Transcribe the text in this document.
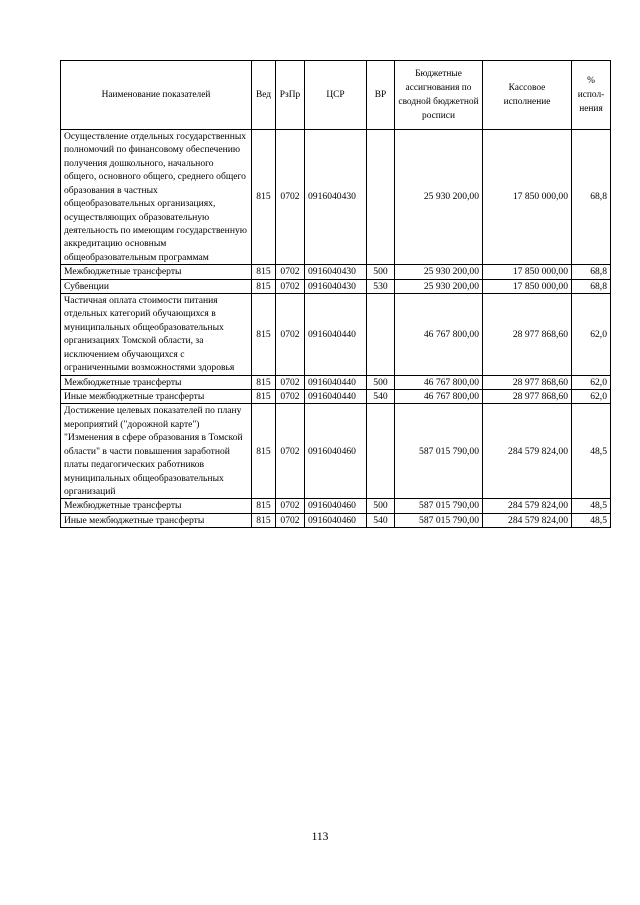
Наименование показателей	Вед	РзПр	ЦСР	ВР	Бюджетные ассигнования по сводной бюджетной росписи	Кассовое исполнение	% испол-нения
Осуществление отдельных государственных полномочий по финансовому обеспечению получения дошкольного, начального общего, основного общего, среднего общего образования в частных общеобразовательных организациях, осуществляющих образовательную деятельность по имеющим государственную аккредитацию основным общеобразовательным программам	815	0702	0916040430		25 930 200,00	17 850 000,00	68,8
Межбюджетные трансферты	815	0702	0916040430	500	25 930 200,00	17 850 000,00	68,8
Субвенции	815	0702	0916040430	530	25 930 200,00	17 850 000,00	68,8
Частичная оплата стоимости питания отдельных категорий обучающихся в муниципальных общеобразовательных организациях Томской области, за исключением обучающихся с ограниченными возможностями здоровья	815	0702	0916040440		46 767 800,00	28 977 868,60	62,0
Межбюджетные трансферты	815	0702	0916040440	500	46 767 800,00	28 977 868,60	62,0
Иные межбюджетные трансферты	815	0702	0916040440	540	46 767 800,00	28 977 868,60	62,0
Достижение целевых показателей по плану мероприятий ("дорожной карте") "Изменения в сфере образования в Томской области" в части повышения заработной платы педагогических работников муниципальных общеобразовательных организаций	815	0702	0916040460		587 015 790,00	284 579 824,00	48,5
Межбюджетные трансферты	815	0702	0916040460	500	587 015 790,00	284 579 824,00	48,5
Иные межбюджетные трансферты	815	0702	0916040460	540	587 015 790,00	284 579 824,00	48,5
113
